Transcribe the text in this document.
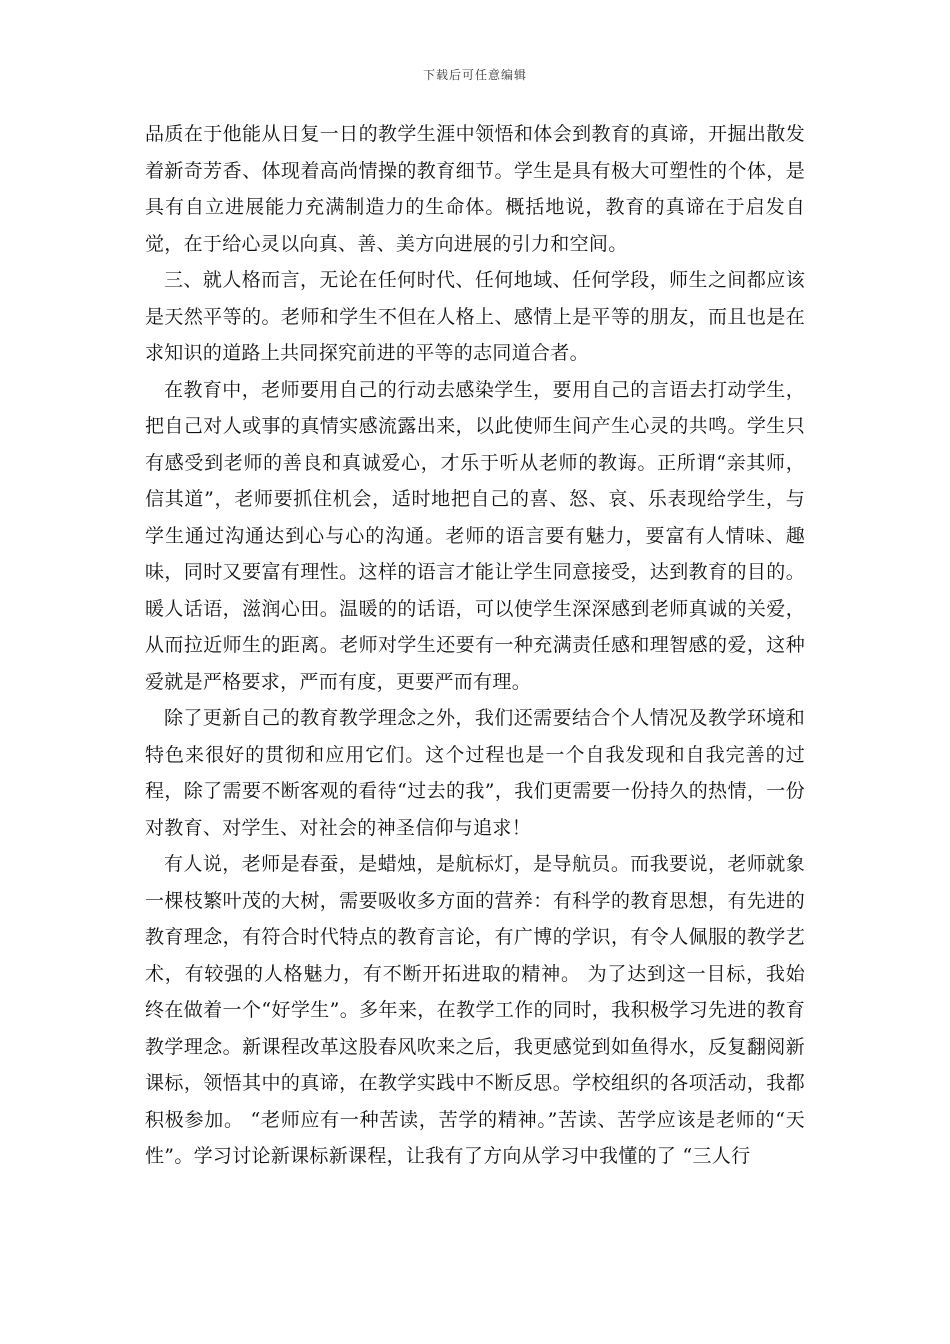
下载后可任意编辑

品质在于他能从日复一日的教学生涯中领悟和体会到教育的真谛，开掘出散发着新奇芳香、体现着高尚情操的教育细节。学生是具有极大可塑性的个体，是具有自立进展能力充满制造力的生命体。概括地说，教育的真谛在于启发自觉，在于给心灵以向真、善、美方向进展的引力和空间。

三、就人格而言，无论在任何时代、任何地域、任何学段，师生之间都应该是天然平等的。老师和学生不但在人格上、感情上是平等的朋友，而且也是在求知识的道路上共同探究前进的平等的志同道合者。

在教育中，老师要用自己的行动去感染学生，要用自己的言语去打动学生，把自己对人或事的真情实感流露出来，以此使师生间产生心灵的共鸣。学生只有感受到老师的善良和真诚爱心，才乐于听从老师的教诲。正所谓“亲其师，信其道”，老师要抓住机会，适时地把自己的喜、怒、哀、乐表现给学生，与学生通过沟通达到心与心的沟通。老师的语言要有魅力，要富有人情味、趣味，同时又要富有理性。这样的语言才能让学生同意接受，达到教育的目的。暖人话语，滋润心田。温暖的的话语，可以使学生深深感到老师真诚的关爱，从而拉近师生的距离。老师对学生还要有一种充满责任感和理智感的爱，这种爱就是严格要求，严而有度，更要严而有理。

除了更新自己的教育教学理念之外，我们还需要结合个人情况及教学环境和特色来很好的贯彻和应用它们。这个过程也是一个自我发现和自我完善的过程，除了需要不断客观的看待“过去的我”，我们更需要一份持久的热情，一份对教育、对学生、对社会的神圣信仰与追求！

有人说，老师是春蚕，是蜡烛，是航标灯，是导航员。而我要说，老师就象一棵枝繁叶茂的大树，需要吸收多方面的营养：有科学的教育思想，有先进的教育理念，有符合时代特点的教育言论，有广博的学识，有令人佩服的教学艺术，有较强的人格魅力，有不断开拓进取的精神。 为了达到这一目标，我始终在做着一个“好学生”。多年来，在教学工作的同时，我积极学习先进的教育教学理念。新课程改革这股春风吹来之后，我更感觉到如鱼得水，反复翻阅新课标，领悟其中的真谛，在教学实践中不断反思。学校组织的各项活动，我都积极参加。 “老师应有一种苦读，苦学的精神。”苦读、苦学应该是老师的“天性”。学习讨论新课标新课程，让我有了方向从学习中我懂的了 “三人行
